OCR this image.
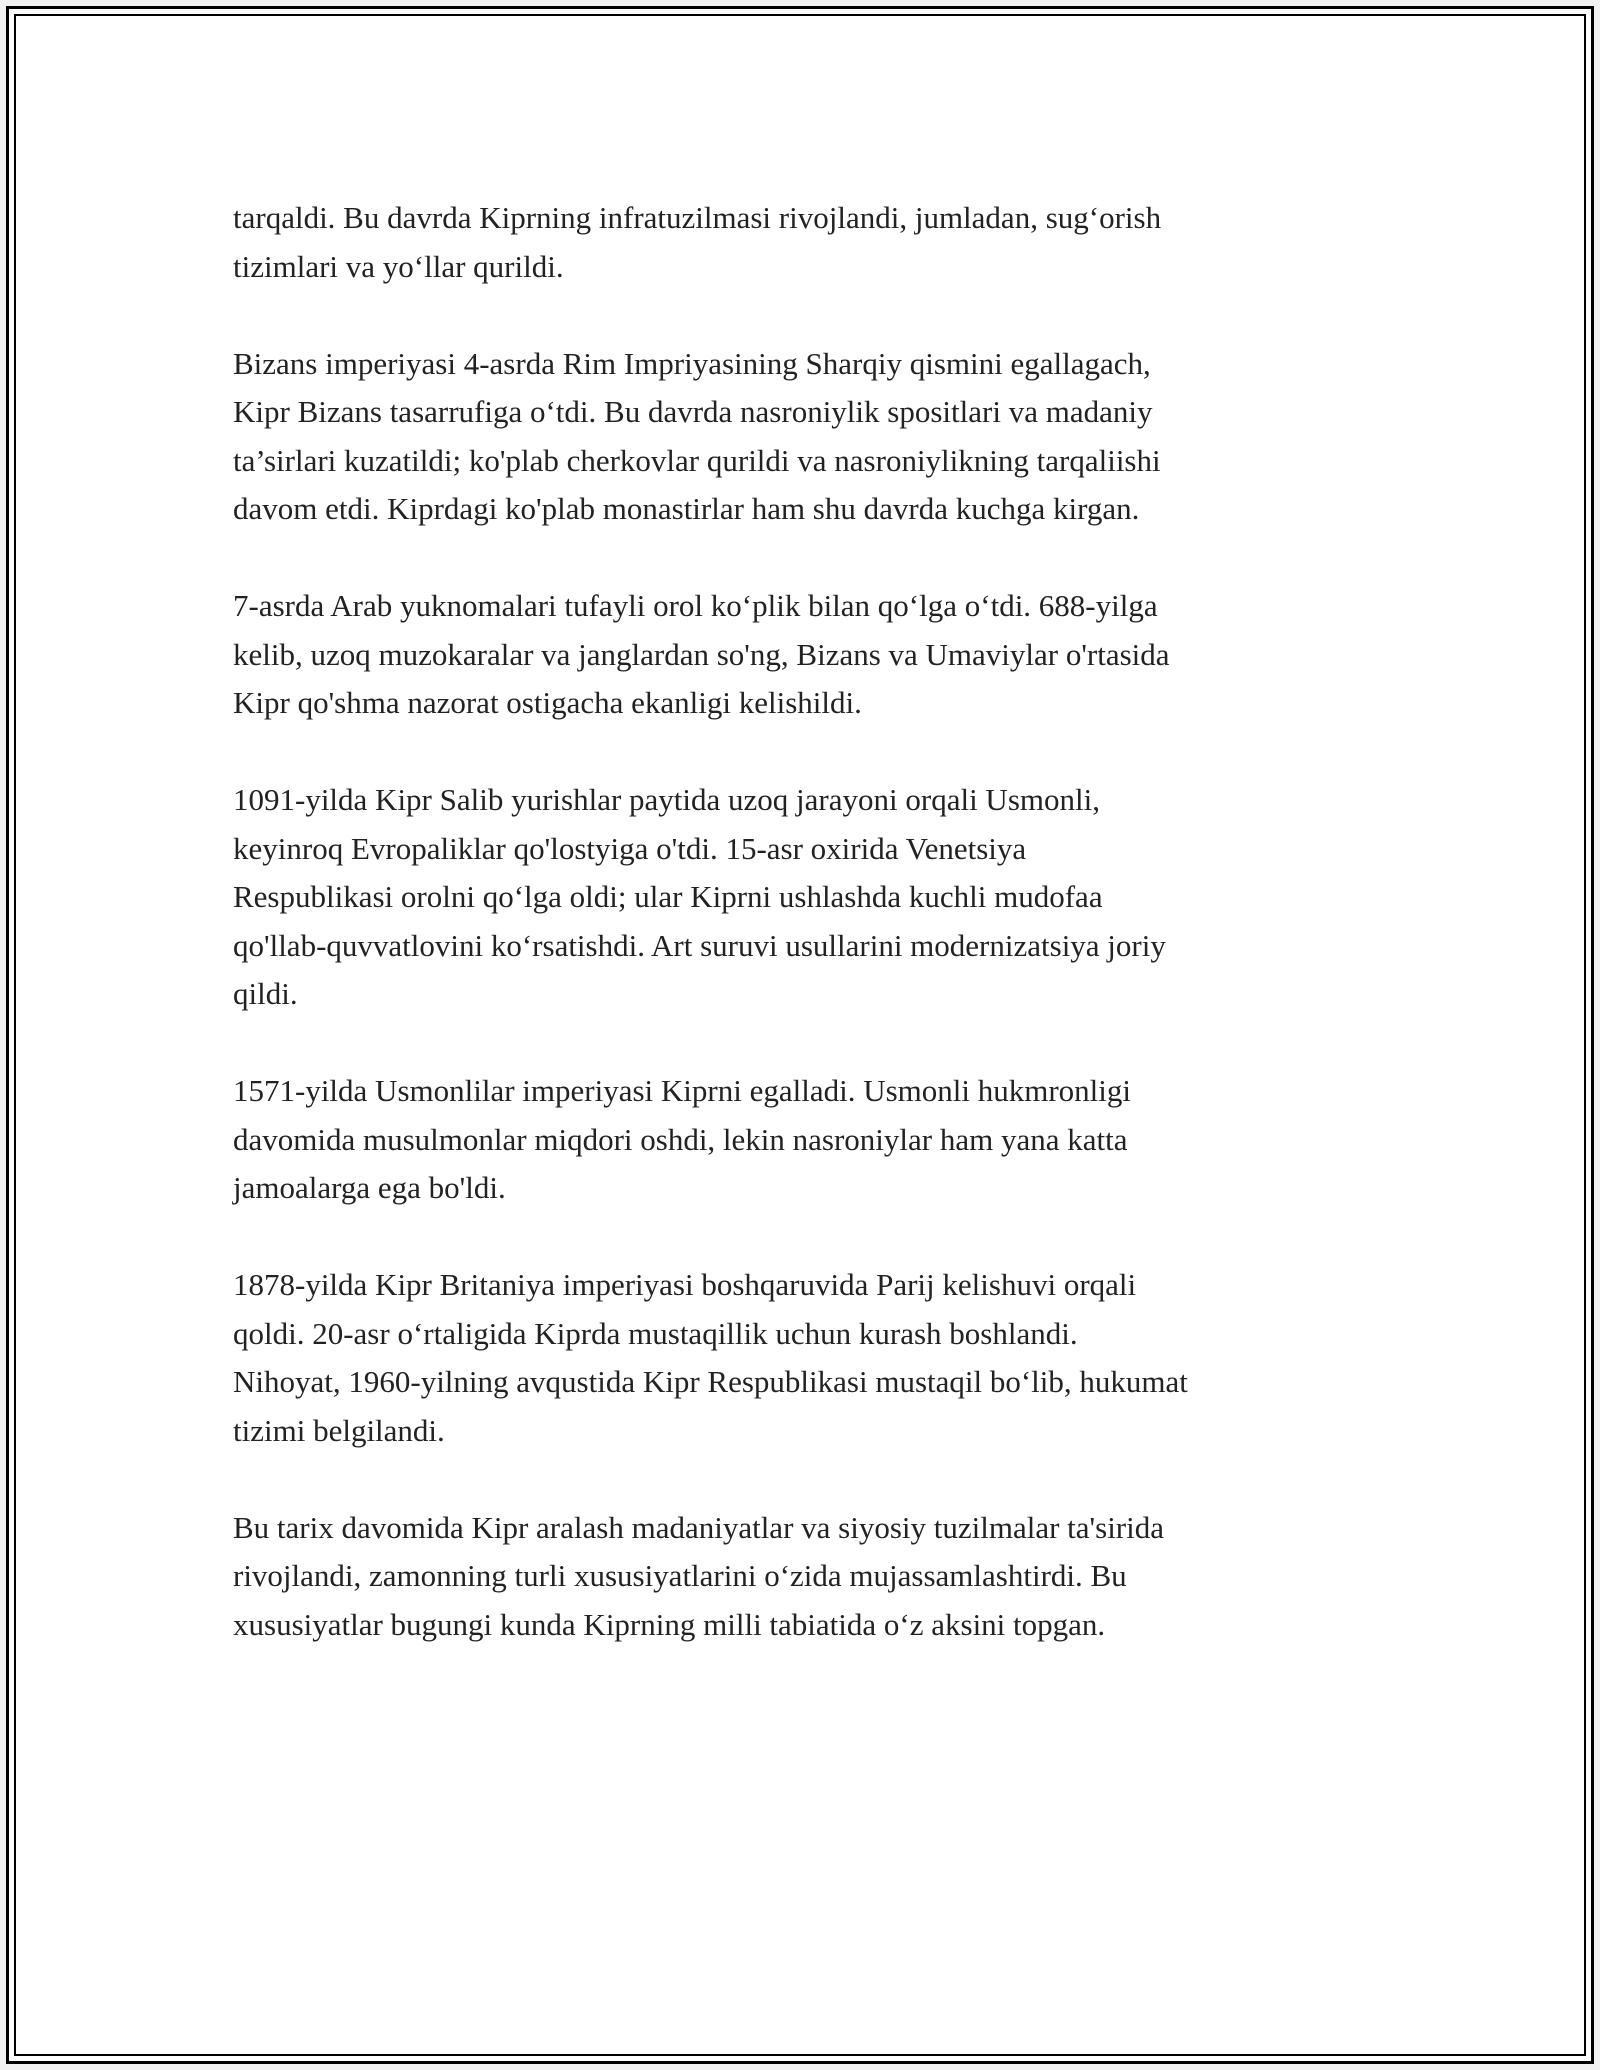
tarqaldi. Bu davrda Kiprning infratuzilmasi rivojlandi, jumladan, sug‘orish
tizimlari va yo‘llar qurildi.

Bizans imperiyasi 4-asrda Rim Impriyasining Sharqiy qismini egallagach,
Kipr Bizans tasarrufiga o‘tdi. Bu davrda nasroniylik spositlari va madaniy
ta’sirlari kuzatildi; ko'plab cherkovlar qurildi va nasroniylikning tarqaliishi
davom etdi. Kiprdagi ko'plab monastirlar ham shu davrda kuchga kirgan.

7-asrda Arab yuknomalari tufayli orol ko‘plik bilan qo‘lga o‘tdi. 688-yilga
kelib, uzoq muzokaralar va janglardan so'ng, Bizans va Umaviylar o'rtasida
Kipr qo'shma nazorat ostigacha ekanligi kelishildi.

1091-yilda Kipr Salib yurishlar paytida uzoq jarayoni orqali Usmonli,
keyinroq Evropaliklar qo'lostyiga o'tdi. 15-asr oxirida Venetsiya
Respublikasi orolni qo‘lga oldi; ular Kiprni ushlashda kuchli mudofaa
qo'llab-quvvatlovini ko‘rsatishdi. Art suruvi usullarini modernizatsiya joriy
qildi.

1571-yilda Usmonlilar imperiyasi Kiprni egalladi. Usmonli hukmronligi
davomida musulmonlar miqdori oshdi, lekin nasroniylar ham yana katta
jamoalarga ega bo'ldi.

1878-yilda Kipr Britaniya imperiyasi boshqaruvida Parij kelishuvi orqali
qoldi. 20-asr o‘rtaligida Kiprda mustaqillik uchun kurash boshlandi.
Nihoyat, 1960-yilning avqustida Kipr Respublikasi mustaqil bo‘lib, hukumat
tizimi belgilandi.

Bu tarix davomida Kipr aralash madaniyatlar va siyosiy tuzilmalar ta'sirida
rivojlandi, zamonning turli xususiyatlarini o‘zida mujassamlashtirdi. Bu
xususiyatlar bugungi kunda Kiprning milli tabiatida o‘z aksini topgan.
